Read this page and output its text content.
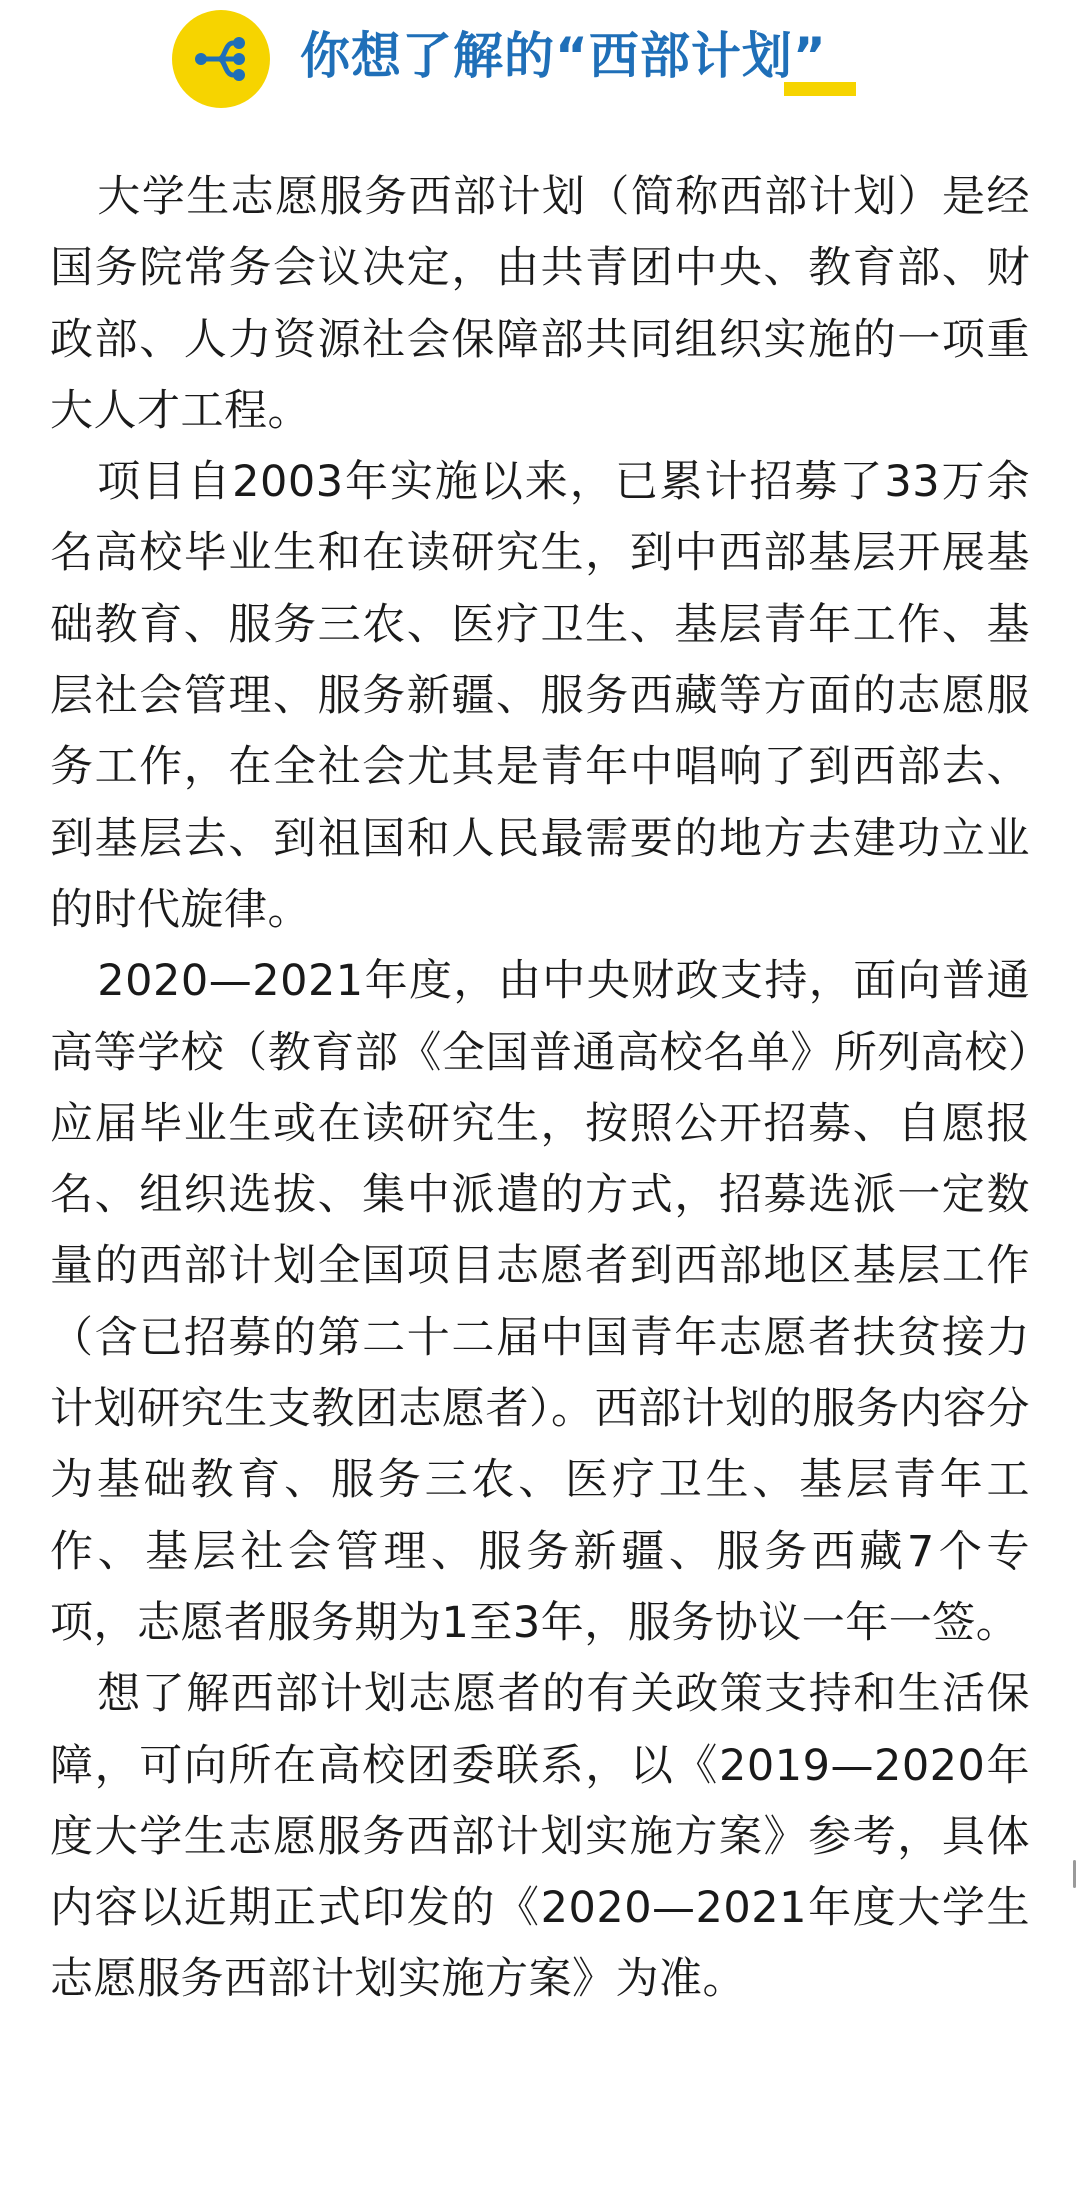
你想了解的“西部计划”

大学生志愿服务西部计划（简称西部计划）是经国务院常务会议决定，由共青团中央、教育部、财政部、人力资源社会保障部共同组织实施的一项重大人才工程。

项目自2003年实施以来，已累计招募了33万余名高校毕业生和在读研究生，到中西部基层开展基础教育、服务三农、医疗卫生、基层青年工作、基层社会管理、服务新疆、服务西藏等方面的志愿服务工作，在全社会尤其是青年中唱响了到西部去、到基层去、到祖国和人民最需要的地方去建功立业的时代旋律。

2020—2021年度，由中央财政支持，面向普通高等学校（教育部《全国普通高校名单》所列高校）应届毕业生或在读研究生，按照公开招募、自愿报名、组织选拔、集中派遣的方式，招募选派一定数量的西部计划全国项目志愿者到西部地区基层工作（含已招募的第二十二届中国青年志愿者扶贫接力计划研究生支教团志愿者）。西部计划的服务内容分为基础教育、服务三农、医疗卫生、基层青年工作、基层社会管理、服务新疆、服务西藏7个专项，志愿者服务期为1至3年，服务协议一年一签。

想了解西部计划志愿者的有关政策支持和生活保障，可向所在高校团委联系，以《2019—2020年度大学生志愿服务西部计划实施方案》参考，具体内容以近期正式印发的《2020—2021年度大学生志愿服务西部计划实施方案》为准。
